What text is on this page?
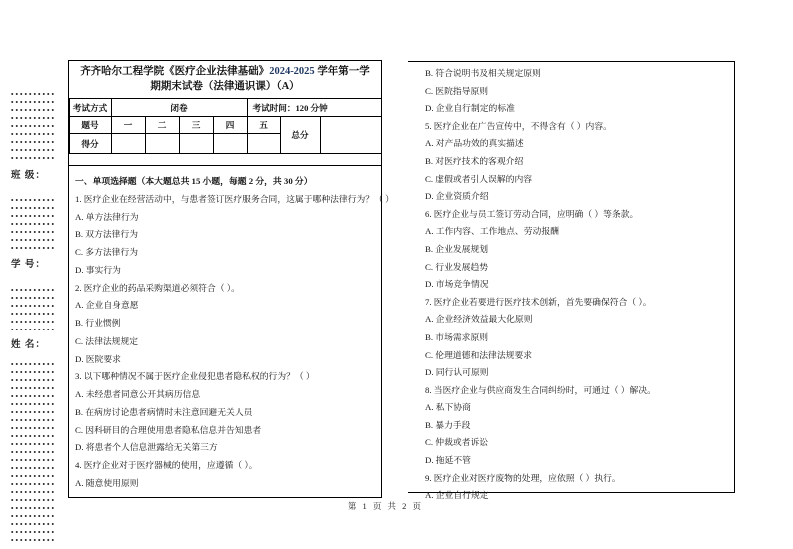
班 级：
学 号：
姓 名：
齐齐哈尔工程学院《医疗企业法律基础》2024-2025 学年第一学期期末试卷（法律通识课）（A）
考试方式	闭卷				考试时间：120 分钟		
题号	一	二	三	四	五	总分	
得分							
一、单项选择题（本大题总共 15 小题，每题 2 分，共 30 分）
1. 医疗企业在经营活动中，与患者签订医疗服务合同，这属于哪种法律行为？（ ）
A. 单方法律行为
B. 双方法律行为
C. 多方法律行为
D. 事实行为
2. 医疗企业的药品采购渠道必须符合（ ）。
A. 企业自身意愿
B. 行业惯例
C. 法律法规规定
D. 医院要求
3. 以下哪种情况不属于医疗企业侵犯患者隐私权的行为？（ ）
A. 未经患者同意公开其病历信息
B. 在病房讨论患者病情时未注意回避无关人员
C. 因科研目的合理使用患者隐私信息并告知患者
D. 将患者个人信息泄露给无关第三方
4. 医疗企业对于医疗器械的使用，应遵循（ ）。
A. 随意使用原则
B. 符合说明书及相关规定原则
C. 医院指导原则
D. 企业自行制定的标准
5. 医疗企业在广告宣传中，不得含有（ ）内容。
A. 对产品功效的真实描述
B. 对医疗技术的客观介绍
C. 虚假或者引人误解的内容
D. 企业资质介绍
6. 医疗企业与员工签订劳动合同，应明确（ ）等条款。
A. 工作内容、工作地点、劳动报酬
B. 企业发展规划
C. 行业发展趋势
D. 市场竞争情况
7. 医疗企业若要进行医疗技术创新，首先要确保符合（ ）。
A. 企业经济效益最大化原则
B. 市场需求原则
C. 伦理道德和法律法规要求
D. 同行认可原则
8. 当医疗企业与供应商发生合同纠纷时，可通过（ ）解决。
A. 私下协商
B. 暴力手段
C. 仲裁或者诉讼
D. 拖延不管
9. 医疗企业对医疗废物的处理，应依照（ ）执行。
A. 企业自行规定
第 1 页 共 2 页
